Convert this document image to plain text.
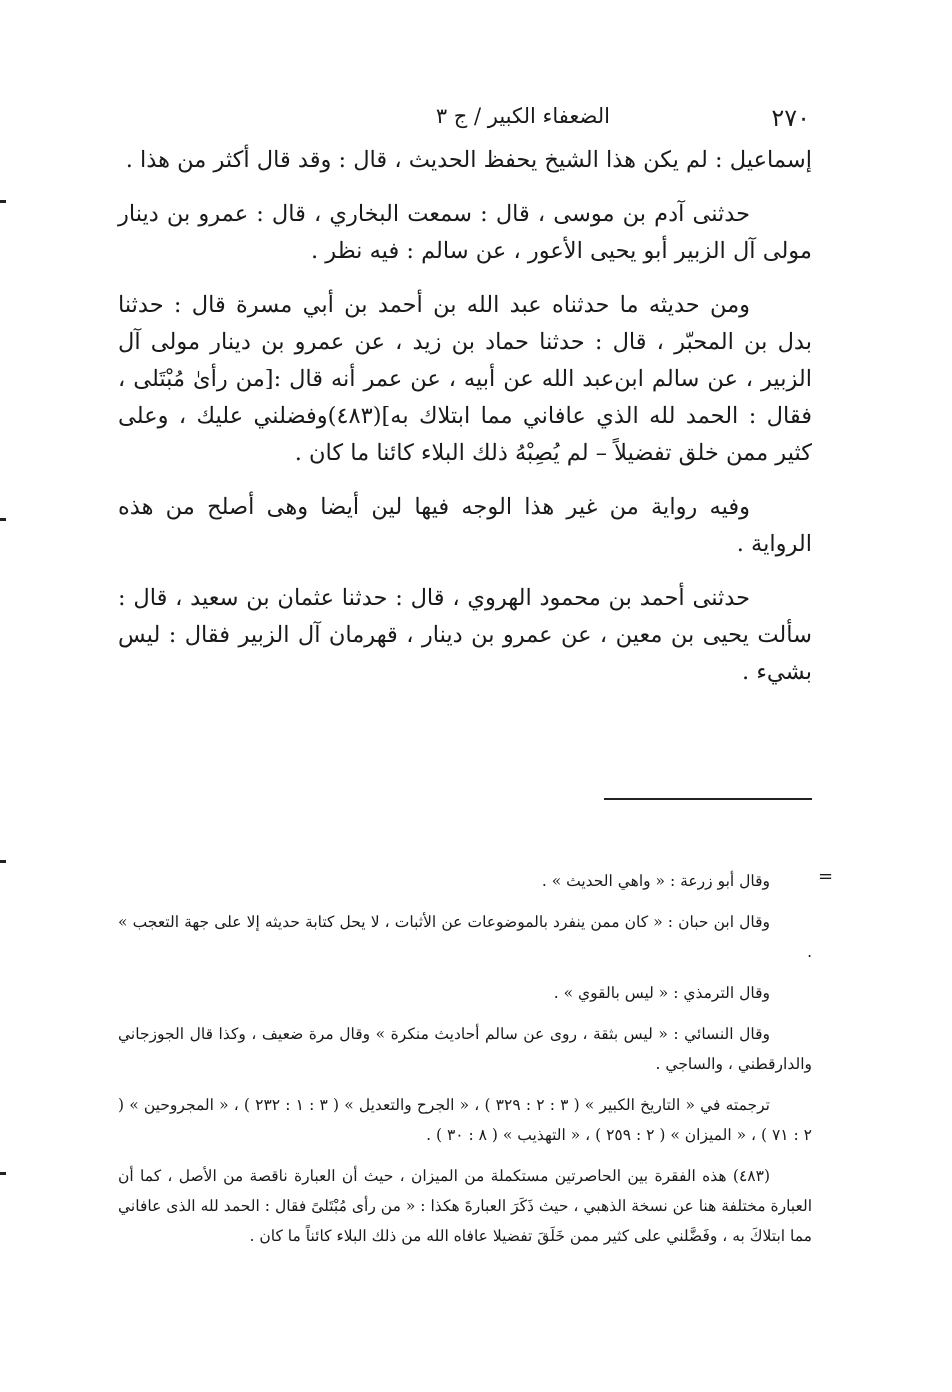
٢٧٠
الضعفاء الكبير / ج ٣

إسماعيل : لم يكن هذا الشيخ يحفظ الحديث ، قال : وقد قال أكثر من هذا .

حدثنى آدم بن موسى ، قال : سمعت البخاري ، قال : عمرو بن دينار مولى آل الزبير أبو يحيى الأعور ، عن سالم : فيه نظر .

ومن حديثه ما حدثناه عبد الله بن أحمد بن أبي مسرة قال : حدثنا بدل بن المحبّر ، قال : حدثنا حماد بن زيد ، عن عمرو بن دينار مولى آل الزبير ، عن سالم ابن‌عبد الله عن أبيه ، عن عمر أنه قال :[من رأىٰ مُبْتَلى ، فقال : الحمد لله الذي عافاني مما ابتلاك به](٤٨٣)وفضلني عليك ، وعلى كثير ممن خلق تفضيلاً – لم يُصِبْهُ ذلك البلاء كائنا ما كان .

وفيه رواية من غير هذا الوجه فيها لين أيضا وهى أصلح من هذه الرواية .

حدثنى أحمد بن محمود الهروي ، قال : حدثنا عثمان بن سعيد ، قال : سألت يحيى بن معين ، عن عمرو بن دينار ، قهرمان آل الزبير فقال : ليس بشيء .

=

وقال أبو زرعة : « واهي الحديث » .

وقال ابن حبان : « كان ممن ينفرد بالموضوعات عن الأثبات ، لا يحل كتابة حديثه إلا على جهة التعجب » .

وقال الترمذي : « ليس بالقوي » .

وقال النسائي : « ليس بثقة ، روى عن سالم أحاديث منكرة » وقال مرة ضعيف ، وكذا قال الجوزجاني والدارقطني ، والساجي .

ترجمته في « التاريخ الكبير » ( ٣ : ٢ : ٣٢٩ ) ، « الجرح والتعديل » ( ٣ : ١ : ٢٣٢ ) ، « المجروحين » ( ٢ : ٧١ ) ، « الميزان » ( ٢ : ٢٥٩ ) ، « التهذيب » ( ٨ : ٣٠ ) .

(٤٨٣) هذه الفقرة بين الحاصرتين مستكملة من الميزان ، حيث أن العبارة ناقصة من الأصل ، كما أن العبارة مختلفة هنا عن نسخة الذهبي ، حيث ذَكَرَ العبارةَ هكذا : « من رأى مُبْتَلىً فقال : الحمد لله الذى عافاني مما ابتلاكَ به ، وفَضَّلني على كثير ممن خَلَقَ تفضيلا عافاه الله من ذلك البلاء كائناً ما كان .
